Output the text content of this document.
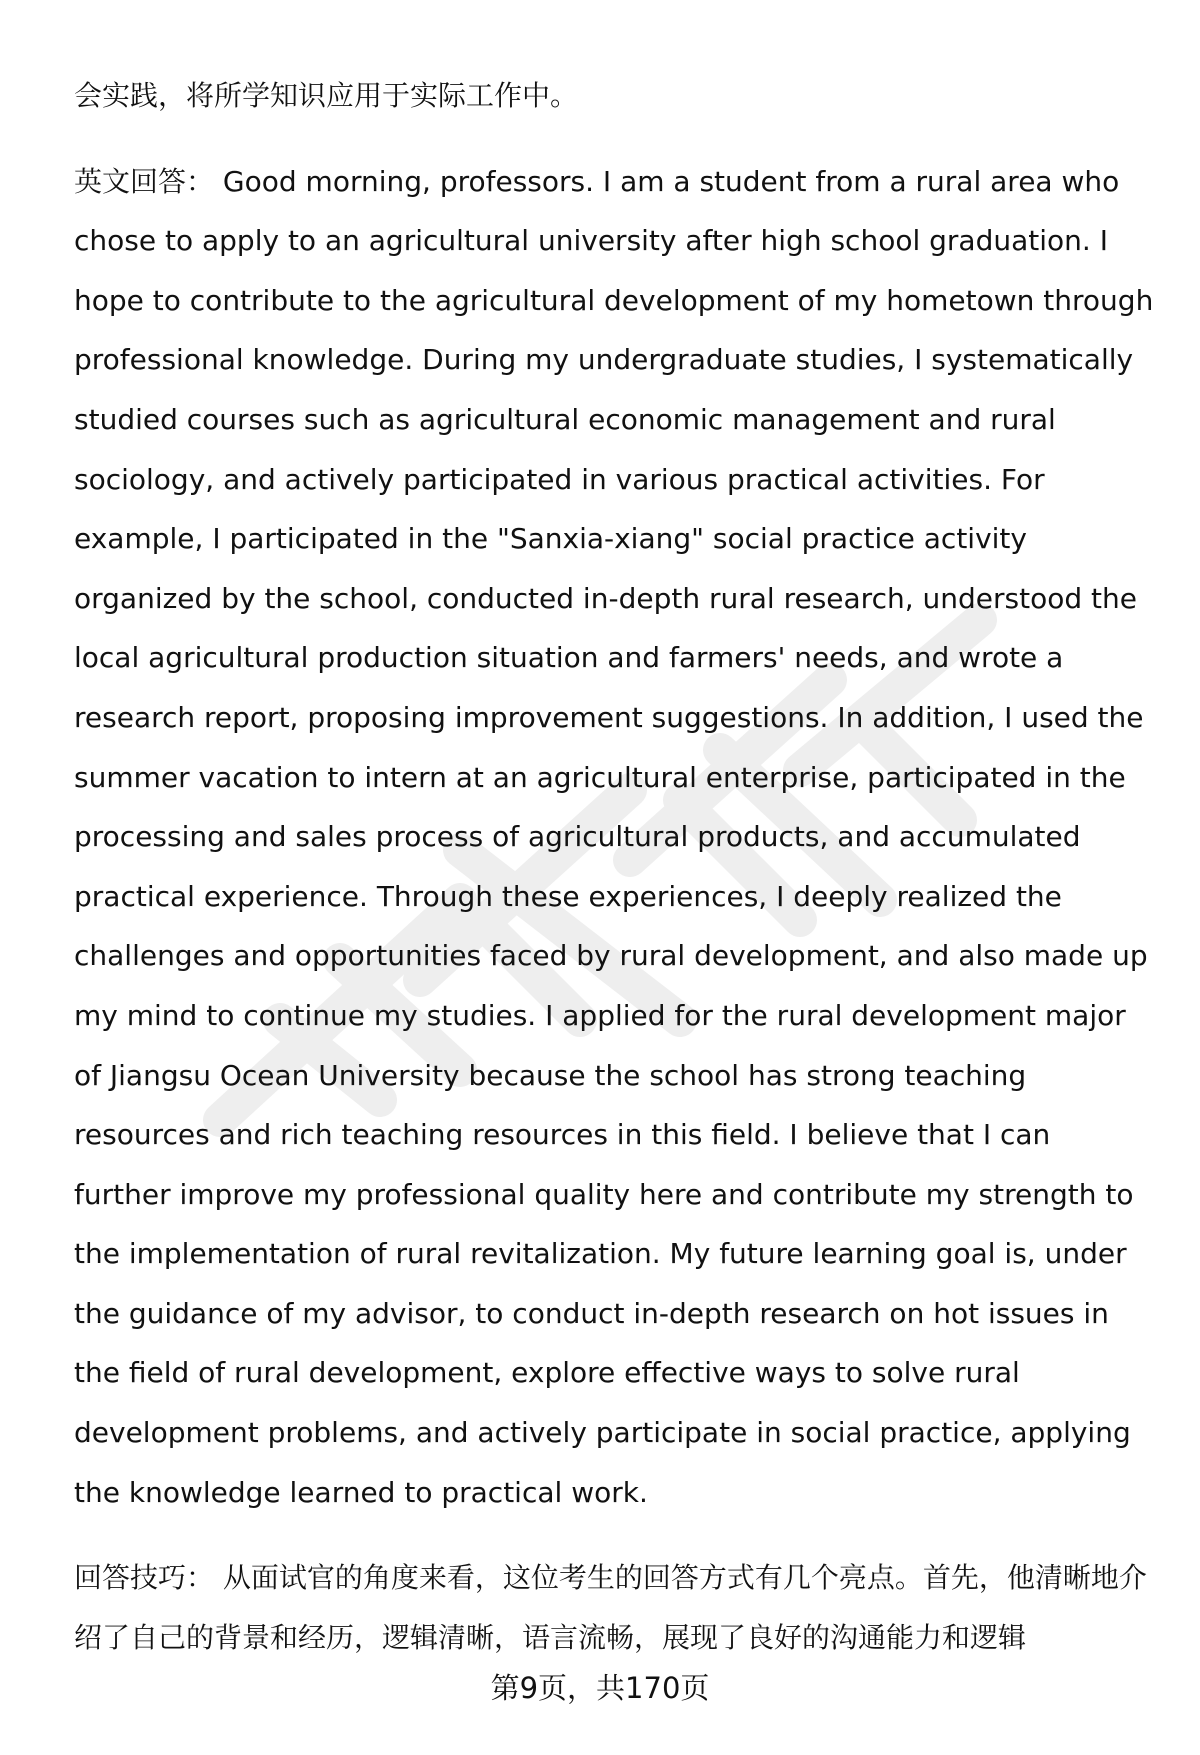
会实践，将所学知识应用于实际工作中。

英文回答： Good morning, professors. I am a student from a rural area who chose to apply to an agricultural university after high school graduation. I hope to contribute to the agricultural development of my hometown through professional knowledge. During my undergraduate studies, I systematically studied courses such as agricultural economic management and rural sociology, and actively participated in various practical activities. For example, I participated in the "Sanxia-xiang" social practice activity organized by the school, conducted in-depth rural research, understood the local agricultural production situation and farmers' needs, and wrote a research report, proposing improvement suggestions. In addition, I used the summer vacation to intern at an agricultural enterprise, participated in the processing and sales process of agricultural products, and accumulated practical experience. Through these experiences, I deeply realized the challenges and opportunities faced by rural development, and also made up my mind to continue my studies. I applied for the rural development major of Jiangsu Ocean University because the school has strong teaching resources and rich teaching resources in this field. I believe that I can further improve my professional quality here and contribute my strength to the implementation of rural revitalization. My future learning goal is, under the guidance of my advisor, to conduct in-depth research on hot issues in the field of rural development, explore effective ways to solve rural development problems, and actively participate in social practice, applying the knowledge learned to practical work.

回答技巧： 从面试官的角度来看，这位考生的回答方式有几个亮点。首先，他清晰地介绍了自己的背景和经历，逻辑清晰，语言流畅，展现了良好的沟通能力和逻辑

第9页，共170页
